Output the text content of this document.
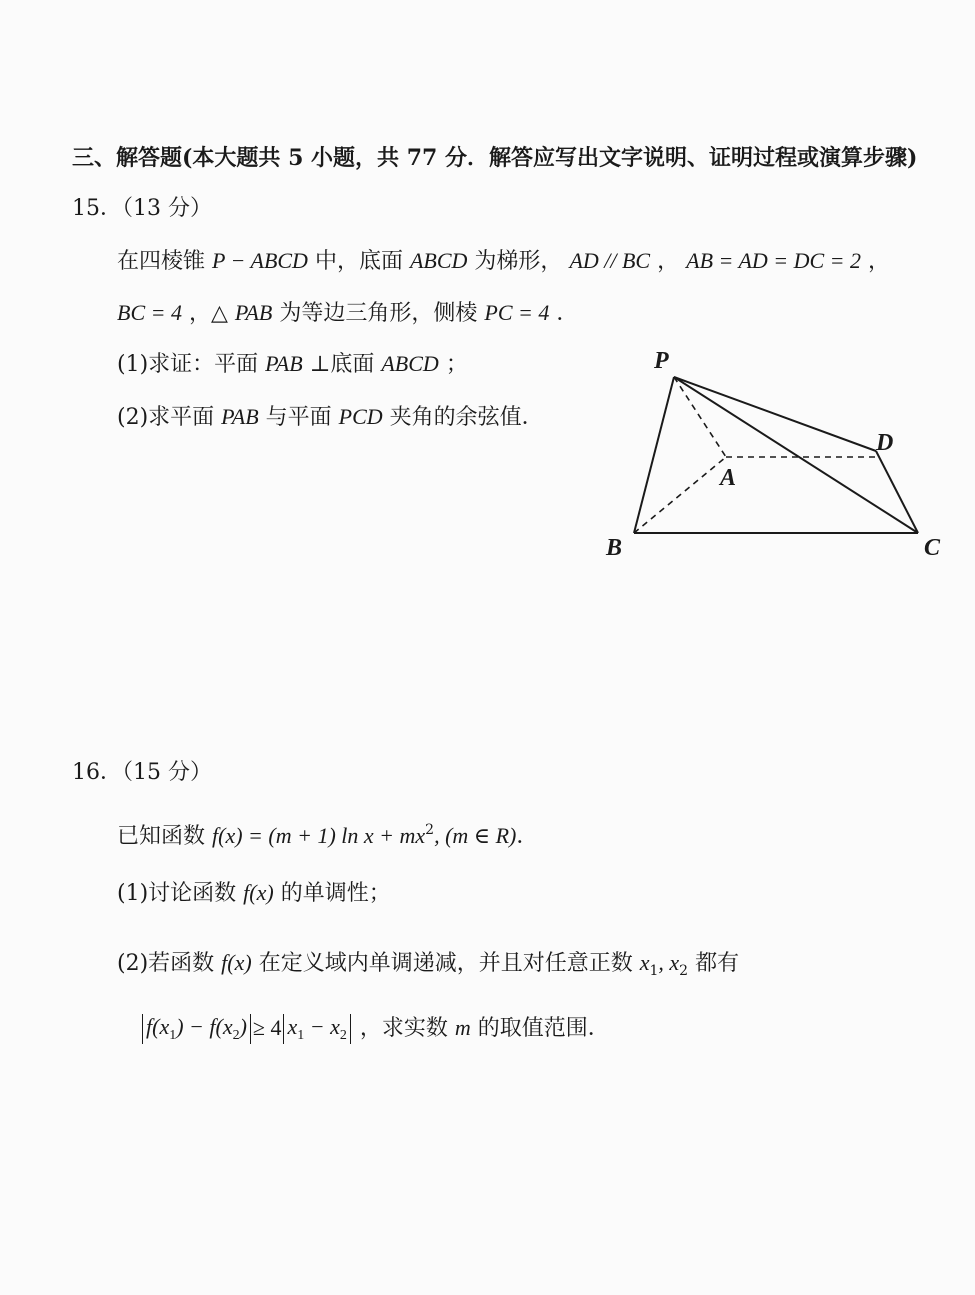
三、解答题(本大题共 5 小题，共 77 分．解答应写出文字说明、证明过程或演算步骤)
15．（13 分）
在四棱锥 P − ABCD 中，底面 ABCD 为梯形， AD // BC ， AB = AD = DC = 2 ，
BC = 4 ，△ PAB 为等边三角形，侧棱 PC = 4 ．
(1)求证：平面 PAB ⊥底面 ABCD ；
(2)求平面 PAB 与平面 PCD 夹角的余弦值．
P
A
B	C
D
16．（15 分）
已知函数 f(x) = (m + 1) $\ln x + mx^2$, (m ∈ R)．
(1)讨论函数 f(x) 的单调性；
(2)若函数 f(x) 在定义域内单调递减，并且对任意正数 $x_1$, $x_2$ 都有
$f(x_1) - f(x_2) \ge 4$ $x_1 - x_2$ ，求实数 m 的取值范围．
